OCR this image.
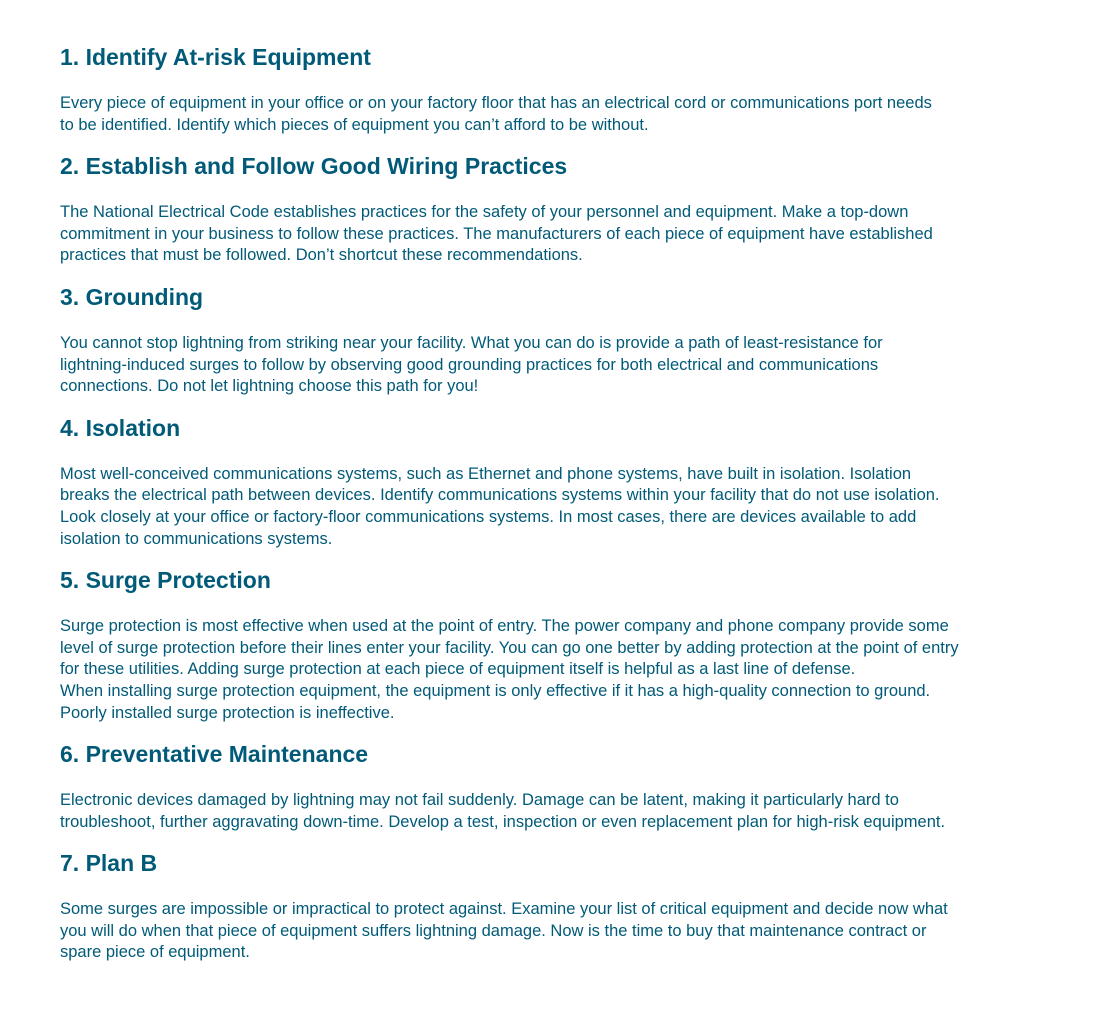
1. Identify At-risk Equipment

Every piece of equipment in your office or on your factory floor that has an electrical cord or communications port needs
to be identified. Identify which pieces of equipment you can’t afford to be without.

2. Establish and Follow Good Wiring Practices

The National Electrical Code establishes practices for the safety of your personnel and equipment. Make a top-down
commitment in your business to follow these practices. The manufacturers of each piece of equipment have established
practices that must be followed. Don’t shortcut these recommendations.

3. Grounding

You cannot stop lightning from striking near your facility. What you can do is provide a path of least-resistance for
lightning-induced surges to follow by observing good grounding practices for both electrical and communications
connections. Do not let lightning choose this path for you!

4. Isolation

Most well-conceived communications systems, such as Ethernet and phone systems, have built in isolation. Isolation
breaks the electrical path between devices. Identify communications systems within your facility that do not use isolation.
Look closely at your office or factory-floor communications systems. In most cases, there are devices available to add
isolation to communications systems.

5. Surge Protection

Surge protection is most effective when used at the point of entry. The power company and phone company provide some
level of surge protection before their lines enter your facility. You can go one better by adding protection at the point of entry
for these utilities. Adding surge protection at each piece of equipment itself is helpful as a last line of defense.
When installing surge protection equipment, the equipment is only effective if it has a high-quality connection to ground.
Poorly installed surge protection is ineffective.

6. Preventative Maintenance

Electronic devices damaged by lightning may not fail suddenly. Damage can be latent, making it particularly hard to
troubleshoot, further aggravating down-time. Develop a test, inspection or even replacement plan for high-risk equipment.

7. Plan B

Some surges are impossible or impractical to protect against. Examine your list of critical equipment and decide now what
you will do when that piece of equipment suffers lightning damage. Now is the time to buy that maintenance contract or
spare piece of equipment.
